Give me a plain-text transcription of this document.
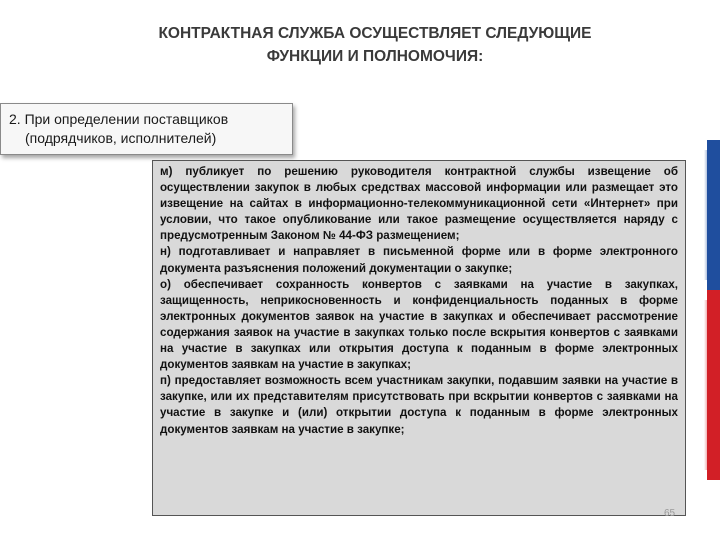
КОНТРАКТНАЯ СЛУЖБА ОСУЩЕСТВЛЯЕТ СЛЕДУЮЩИЕ
ФУНКЦИИ И ПОЛНОМОЧИЯ:
2. При определении поставщиков
(подрядчиков, исполнителей)

м) публикует по решению руководителя контрактной службы извещение об осуществлении закупок в любых средствах массовой информации или размещает это извещение на сайтах в информационно-телекоммуникационной сети «Интернет» при условии, что такое опубликование или такое размещение осуществляется наряду с предусмотренным Законом № 44-ФЗ размещением;

н) подготавливает и направляет в письменной форме или в форме электронного документа разъяснения положений документации о закупке;

о) обеспечивает сохранность конвертов с заявками на участие в закупках, защищенность, неприкосновенность и конфиденциальность поданных в форме электронных документов заявок на участие в закупках и обеспечивает рассмотрение содержания заявок на участие в закупках только после вскрытия конвертов с заявками на участие в закупках или открытия доступа к поданным в форме электронных документов заявкам на участие в закупках;

п) предоставляет возможность всем участникам закупки, подавшим заявки на участие в закупке, или их представителям присутствовать при вскрытии конвертов с заявками на участие в закупке и (или) открытии доступа к поданным в форме электронных документов заявкам на участие в закупке;

65
